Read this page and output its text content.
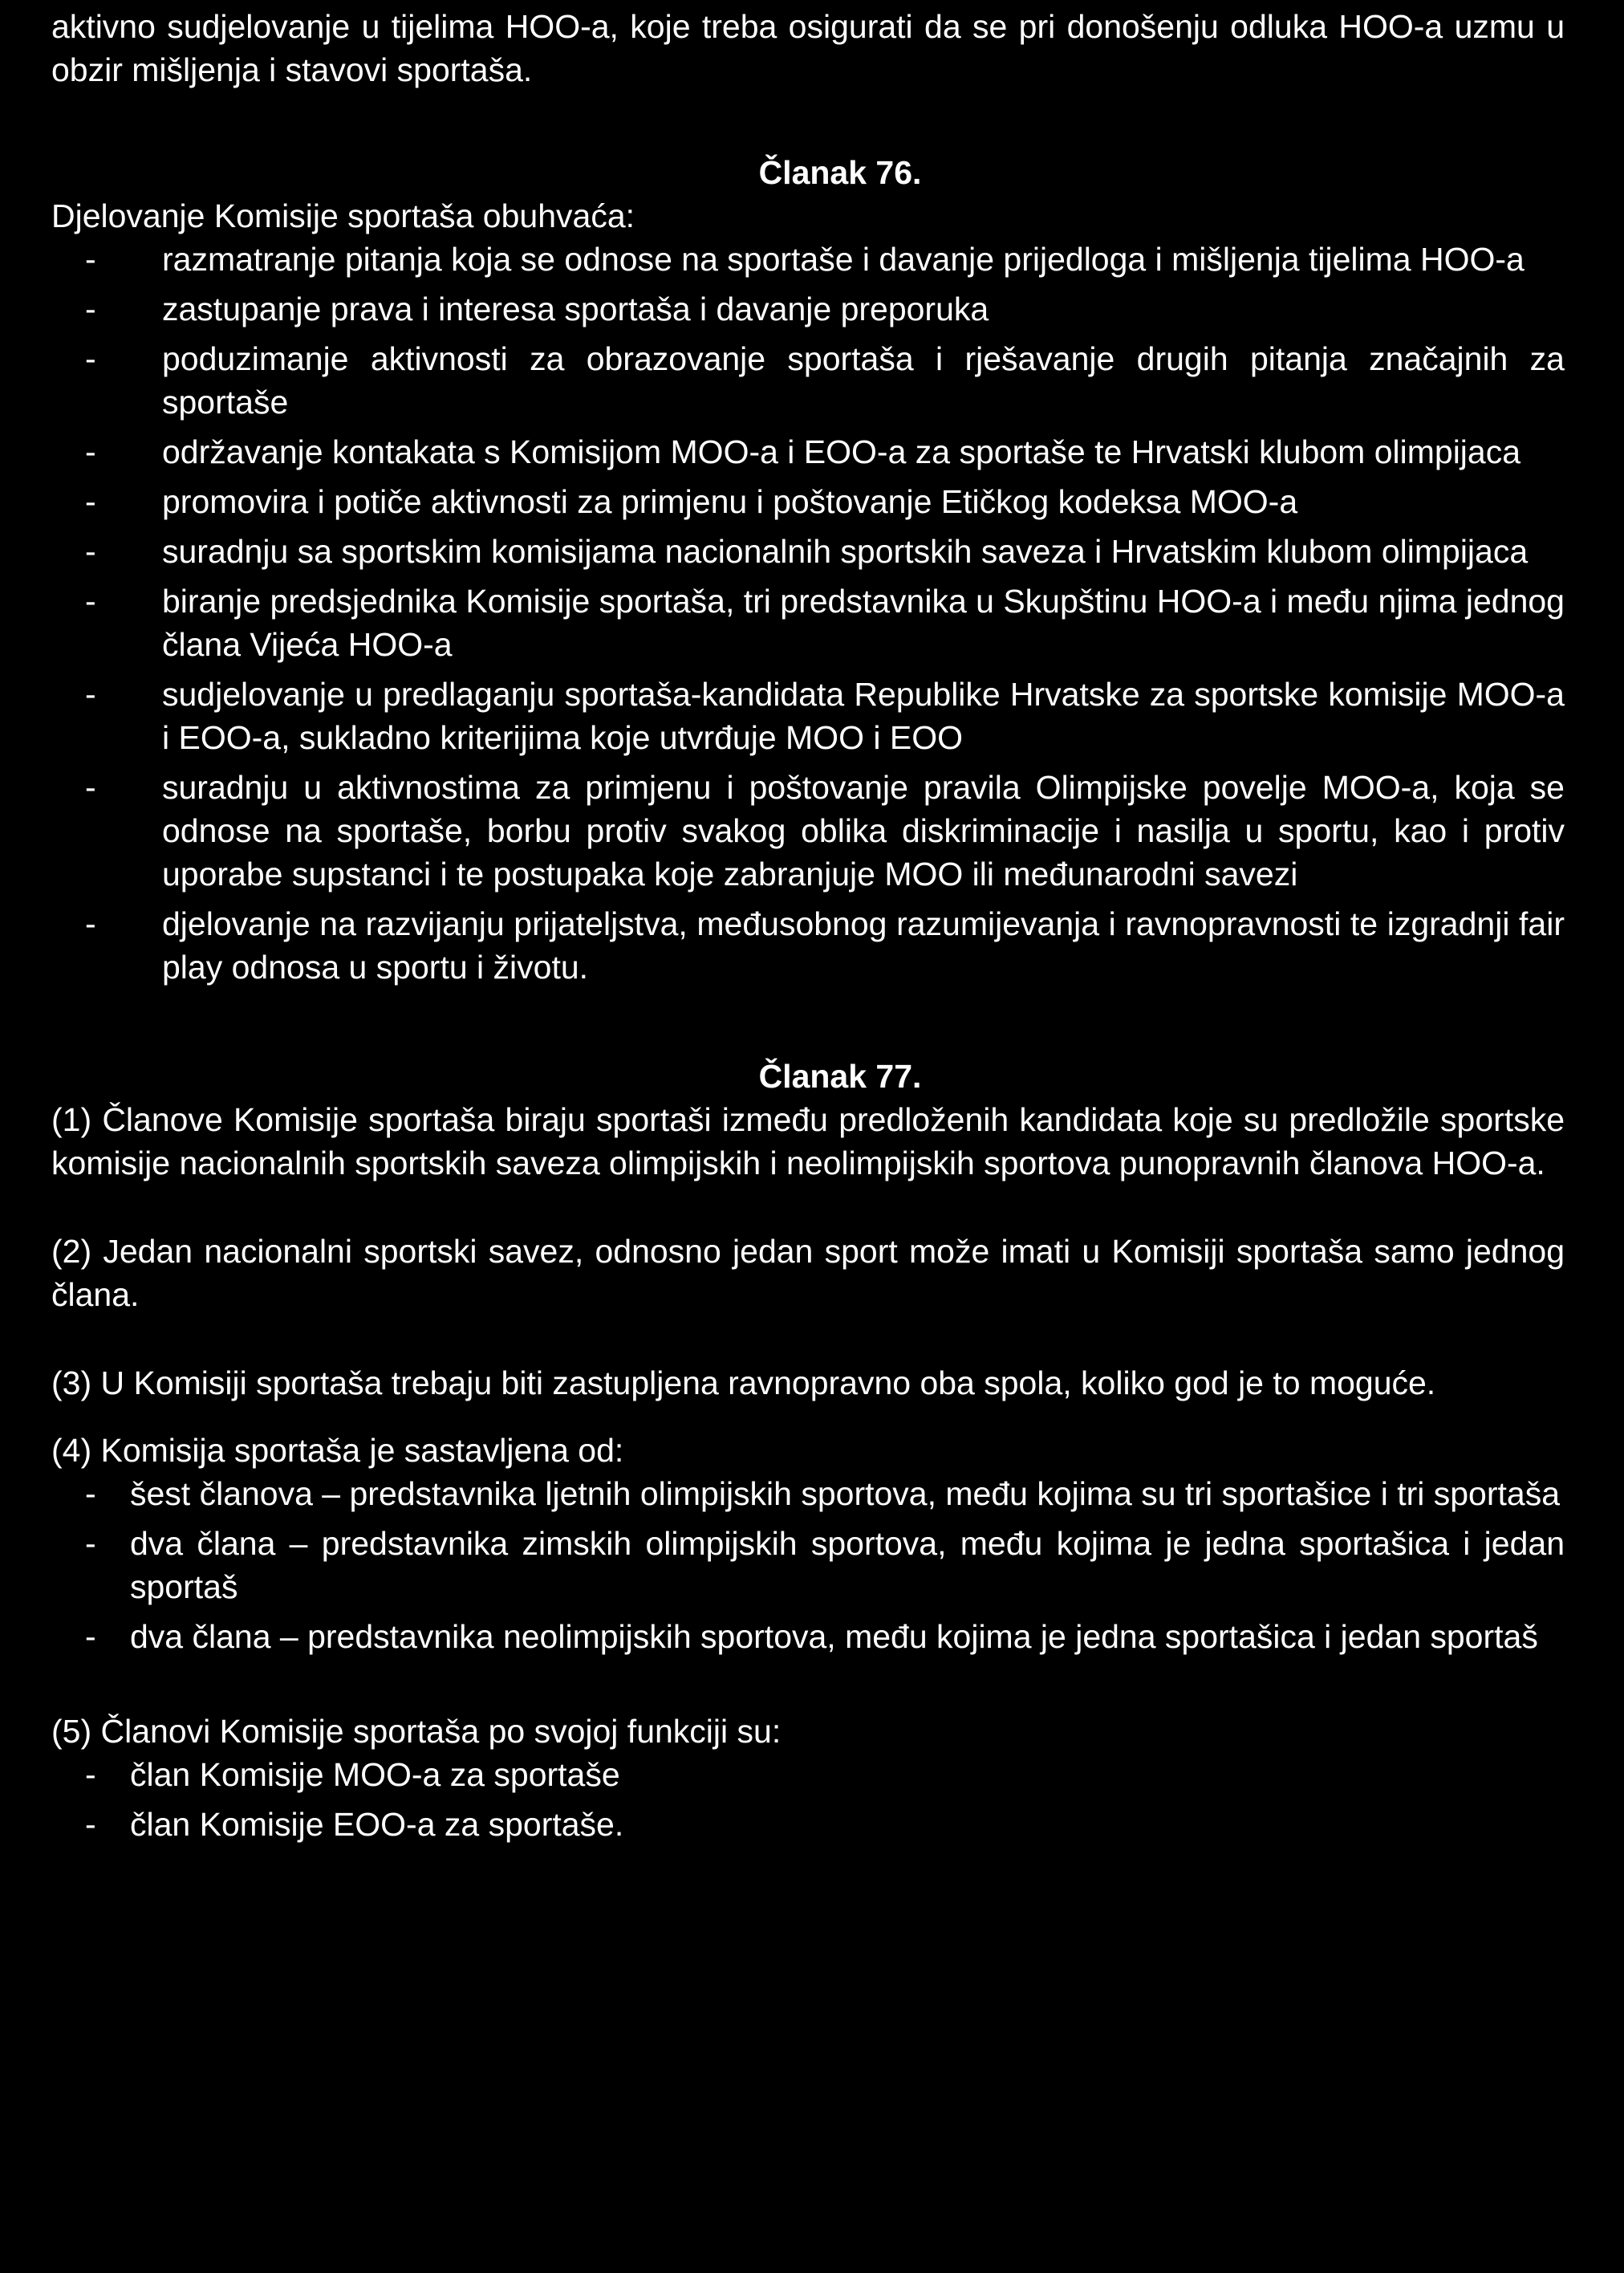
aktivno sudjelovanje u tijelima HOO-a, koje treba osigurati da se pri donošenju odluka HOO-a uzmu u obzir mišljenja i stavovi sportaša.

Članak 76.

Djelovanje Komisije sportaša obuhvaća:

- razmatranje pitanja koja se odnose na sportaše i davanje prijedloga i mišljenja tijelima HOO-a
- zastupanje prava i interesa sportaša i davanje preporuka
- poduzimanje aktivnosti za obrazovanje sportaša i rješavanje drugih pitanja značajnih za sportaše
- održavanje kontakata s Komisijom MOO-a i EOO-a za sportaše te Hrvatski klubom olimpijaca
- promovira i potiče aktivnosti za primjenu i poštovanje Etičkog kodeksa MOO-a
- suradnju sa sportskim komisijama nacionalnih sportskih saveza i Hrvatskim klubom olimpijaca
- biranje predsjednika Komisije sportaša, tri predstavnika u Skupštinu HOO-a i među njima jednog člana Vijeća HOO-a
- sudjelovanje u predlaganju sportaša-kandidata Republike Hrvatske za sportske komisije MOO-a i EOO-a, sukladno kriterijima koje utvrđuje MOO i EOO
- suradnju u aktivnostima za primjenu i poštovanje pravila Olimpijske povelje MOO-a, koja se odnose na sportaše, borbu protiv svakog oblika diskriminacije i nasilja u sportu, kao i protiv uporabe supstanci i te postupaka koje zabranjuje MOO ili međunarodni savezi
- djelovanje na razvijanju prijateljstva, međusobnog razumijevanja i ravnopravnosti te izgradnji fair play odnosa u sportu i životu.
Članak 77.

(1) Članove Komisije sportaša biraju sportaši između predloženih kandidata koje su predložile sportske komisije nacionalnih sportskih saveza olimpijskih i neolimpijskih sportova punopravnih članova HOO-a.

(2) Jedan nacionalni sportski savez, odnosno jedan sport može imati u Komisiji sportaša samo jednog člana.

(3) U Komisiji sportaša trebaju biti zastupljena ravnopravno oba spola, koliko god je to moguće.

(4) Komisija sportaša je sastavljena od:

- šest članova – predstavnika ljetnih olimpijskih sportova, među kojima su tri sportašice i tri sportaša
- dva člana – predstavnika zimskih olimpijskih sportova, među kojima je jedna sportašica i jedan sportaš
- dva člana – predstavnika neolimpijskih sportova, među kojima je jedna sportašica i jedan sportaš

(5) Članovi Komisije sportaša po svojoj funkciji su:

- član Komisije MOO-a za sportaše
- član Komisije EOO-a za sportaše.
